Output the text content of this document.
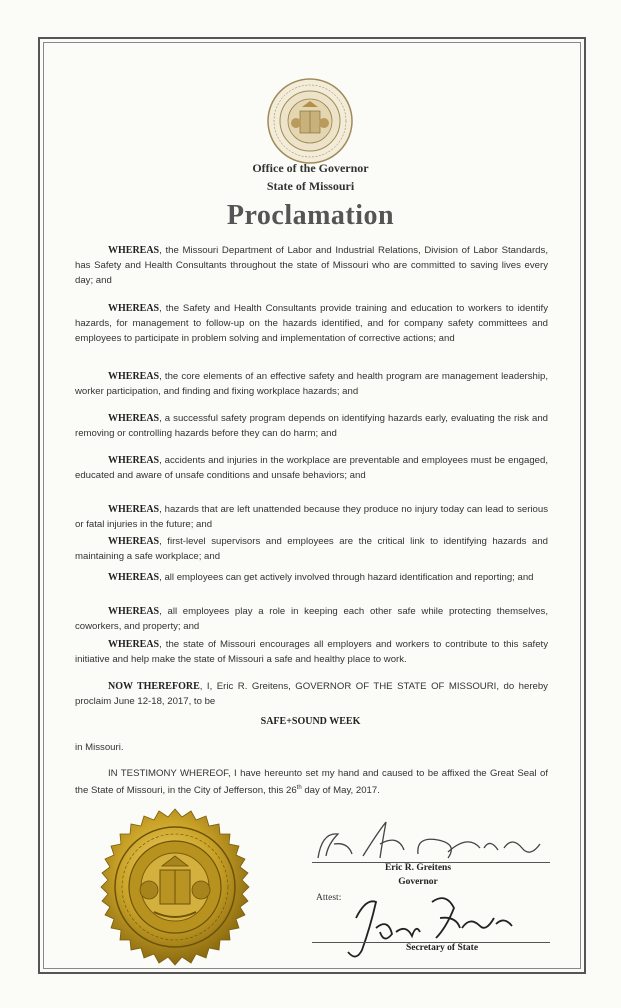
Office of the Governor
State of Missouri
Proclamation
WHEREAS, the Missouri Department of Labor and Industrial Relations, Division of Labor Standards, has Safety and Health Consultants throughout the state of Missouri who are committed to saving lives every day; and
WHEREAS, the Safety and Health Consultants provide training and education to workers to identify hazards, for management to follow-up on the hazards identified, and for company safety committees and employees to participate in problem solving and implementation of corrective actions; and
WHEREAS, the core elements of an effective safety and health program are management leadership, worker participation, and finding and fixing workplace hazards; and
WHEREAS, a successful safety program depends on identifying hazards early, evaluating the risk and removing or controlling hazards before they can do harm; and
WHEREAS, accidents and injuries in the workplace are preventable and employees must be engaged, educated and aware of unsafe conditions and unsafe behaviors; and
WHEREAS, hazards that are left unattended because they produce no injury today can lead to serious or fatal injuries in the future; and
WHEREAS, first-level supervisors and employees are the critical link to identifying hazards and maintaining a safe workplace; and
WHEREAS, all employees can get actively involved through hazard identification and reporting; and
WHEREAS, all employees play a role in keeping each other safe while protecting themselves, coworkers, and property; and
WHEREAS, the state of Missouri encourages all employers and workers to contribute to this safety initiative and help make the state of Missouri a safe and healthy place to work.
NOW THEREFORE, I, Eric R. Greitens, GOVERNOR OF THE STATE OF MISSOURI, do hereby proclaim June 12-18, 2017, to be
SAFE+SOUND WEEK
in Missouri.
IN TESTIMONY WHEREOF, I have hereunto set my hand and caused to be affixed the Great Seal of the State of Missouri, in the City of Jefferson, this 26th day of May, 2017.
Eric R. Greitens
Governor
Attest:
Secretary of State
